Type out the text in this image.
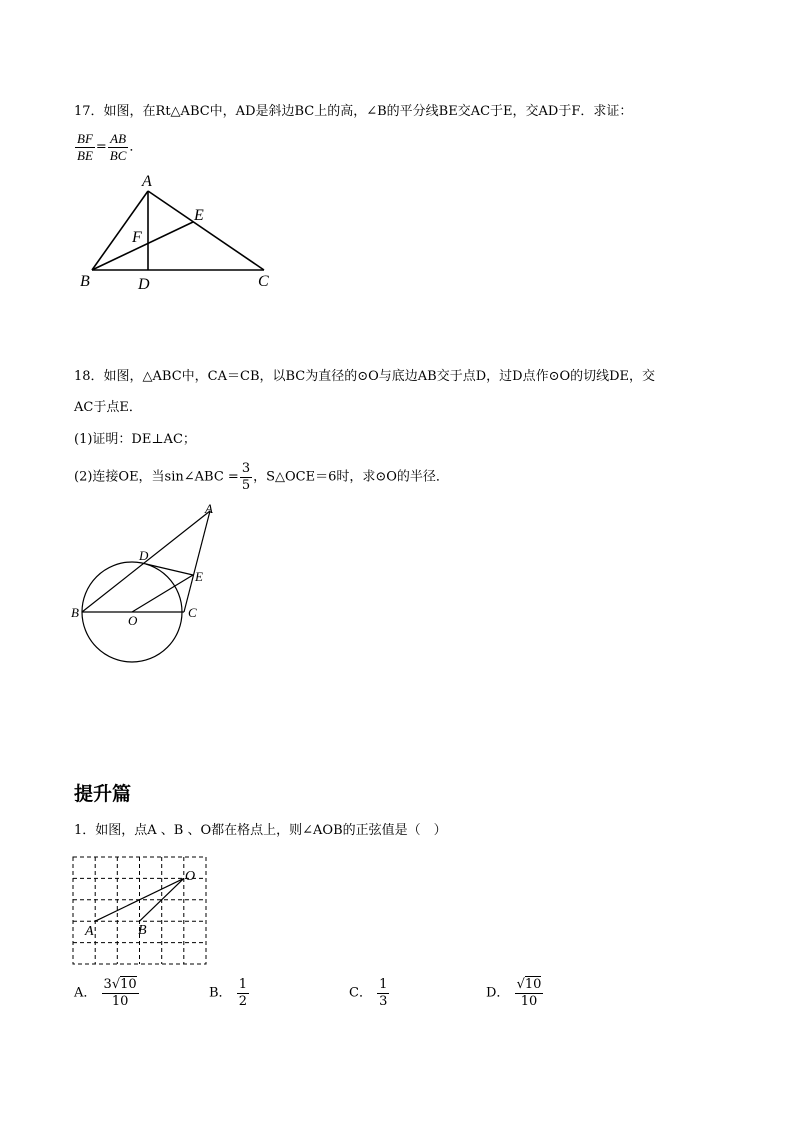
17．如图，在Rt△ABC中，AD是斜边BC上的高，∠B的平分线BE交AC于E，交AD于F．求证：
$\frac{BF}{BE} = \frac{AB}{BC}$ ．
A
E
F
B	D	C
18．如图，△ABC中，CA＝CB，以BC为直径的⊙O与底边AB交于点D，过D点作⊙O的切线DE，交
AC于点E．
(1)证明：DE⊥AC；
(2)连接OE，当sin∠ABC = $\frac{3}{5}$ ，S△OCE＝6时，求⊙O的半径．
A
D
E
B
O
C
提升篇
1．如图，点A 、B 、O都在格点上，则∠AOB的正弦值是（　）
O
A	B
A． $\frac{3√10}{10}$	B． $\frac{1}{2}$	C． $\frac{1}{3}$	D． $\frac{√10}{10}$
